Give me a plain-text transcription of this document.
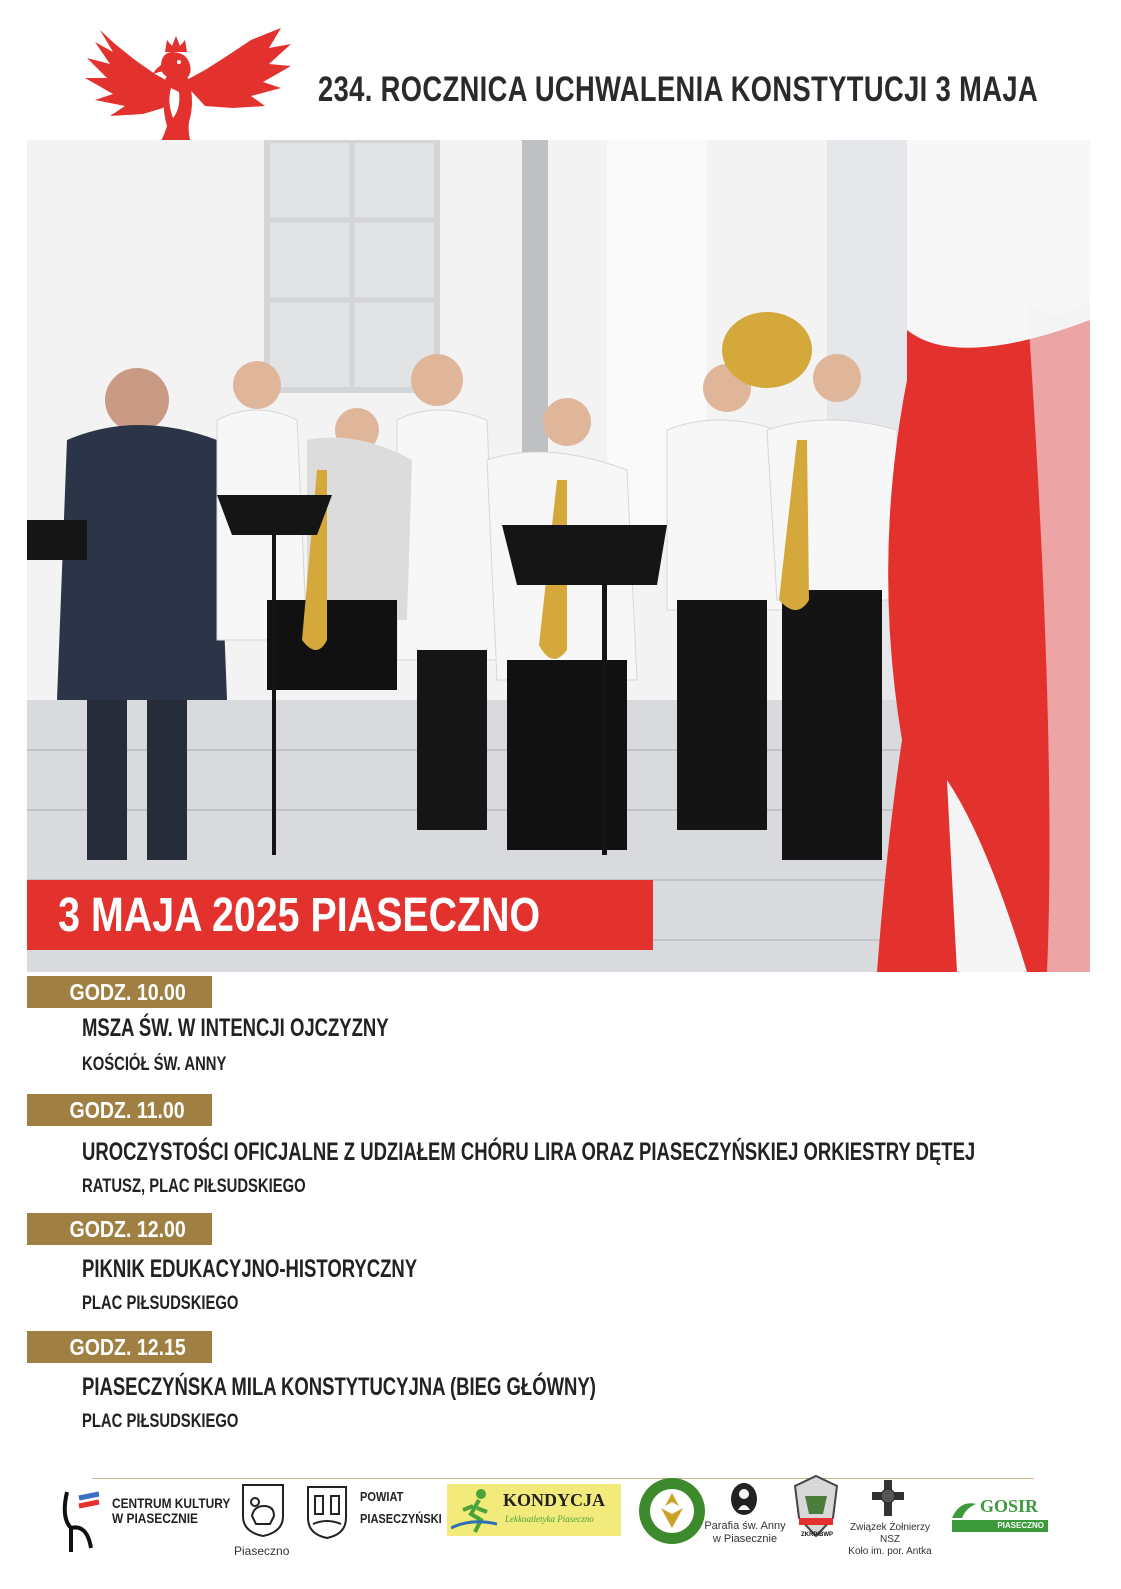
234. ROCZNICA UCHWALENIA KONSTYTUCJI 3 MAJA
3 MAJA 2025 PIASECZNO
GODZ. 10.00

MSZA ŚW. W INTENCJI OJCZYZNY

KOŚCIÓŁ ŚW. ANNY

GODZ. 11.00

UROCZYSTOŚCI OFICJALNE Z UDZIAŁEM CHÓRU LIRA ORAZ PIASECZYŃSKIEJ ORKIESTRY DĘTEJ

RATUSZ, PLAC PIŁSUDSKIEGO

GODZ. 12.00

PIKNIK EDUKACYJNO-HISTORYCZNY

PLAC PIŁSUDSKIEGO

GODZ. 12.15

PIASECZYŃSKA MILA KONSTYTUCYJNA (BIEG GŁÓWNY)

PLAC PIŁSUDSKIEGO

CENTRUM KULTURY
W PIASECZNIE
Piaseczno
POWIAT
PIASECZYŃSKI
KONDYCJA
Lekkoatletyka Piaseczno
Parafia św. Anny
w Piasecznie	ZKRPiBWP
Związek Żołnierzy NSZ
Koło im. por. Antka
GOSIR
PIASECZNO
